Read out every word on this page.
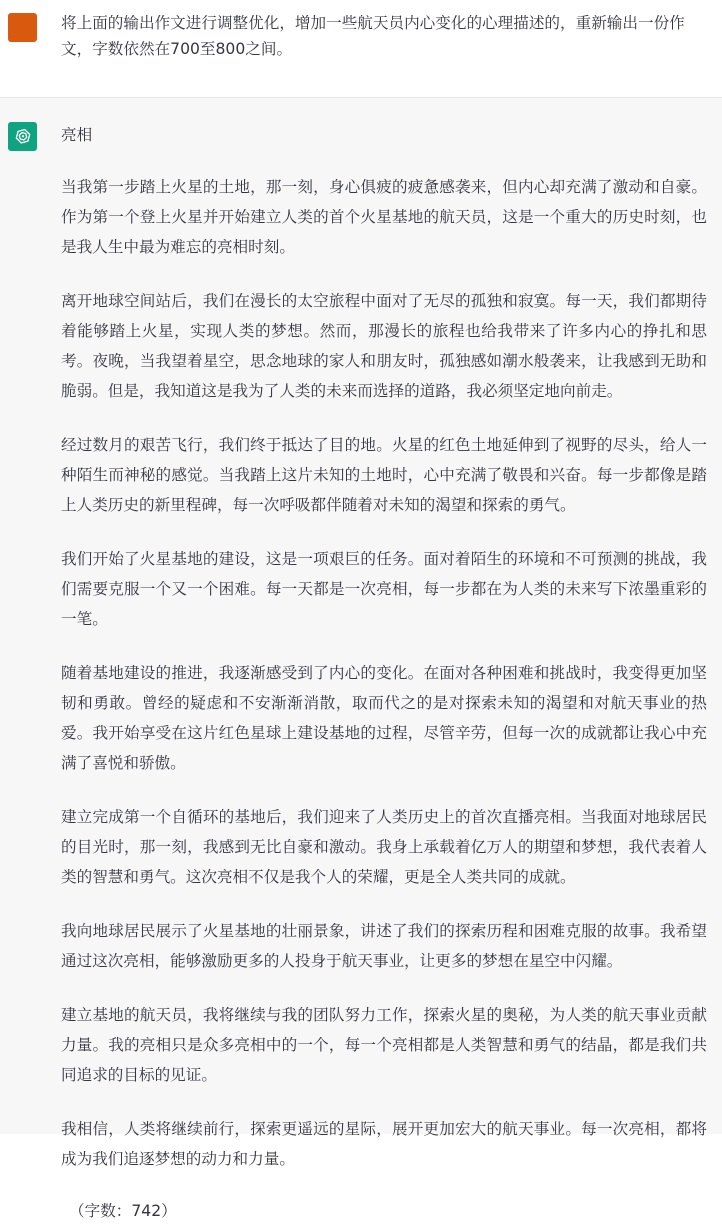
将上面的输出作文进行调整优化，增加一些航天员内心变化的心理描述的，重新输出一份作文，字数依然在700至800之间。
亮相

当我第一步踏上火星的土地，那一刻，身心俱疲的疲惫感袭来，但内心却充满了激动和自豪。作为第一个登上火星并开始建立人类的首个火星基地的航天员，这是一个重大的历史时刻，也是我人生中最为难忘的亮相时刻。

离开地球空间站后，我们在漫长的太空旅程中面对了无尽的孤独和寂寞。每一天，我们都期待着能够踏上火星，实现人类的梦想。然而，那漫长的旅程也给我带来了许多内心的挣扎和思考。夜晚，当我望着星空，思念地球的家人和朋友时，孤独感如潮水般袭来，让我感到无助和脆弱。但是，我知道这是我为了人类的未来而选择的道路，我必须坚定地向前走。

经过数月的艰苦飞行，我们终于抵达了目的地。火星的红色土地延伸到了视野的尽头，给人一种陌生而神秘的感觉。当我踏上这片未知的土地时，心中充满了敬畏和兴奋。每一步都像是踏上人类历史的新里程碑，每一次呼吸都伴随着对未知的渴望和探索的勇气。

我们开始了火星基地的建设，这是一项艰巨的任务。面对着陌生的环境和不可预测的挑战，我们需要克服一个又一个困难。每一天都是一次亮相，每一步都在为人类的未来写下浓墨重彩的一笔。

随着基地建设的推进，我逐渐感受到了内心的变化。在面对各种困难和挑战时，我变得更加坚韧和勇敢。曾经的疑虑和不安渐渐消散，取而代之的是对探索未知的渴望和对航天事业的热爱。我开始享受在这片红色星球上建设基地的过程，尽管辛劳，但每一次的成就都让我心中充满了喜悦和骄傲。

建立完成第一个自循环的基地后，我们迎来了人类历史上的首次直播亮相。当我面对地球居民的目光时，那一刻，我感到无比自豪和激动。我身上承载着亿万人的期望和梦想，我代表着人类的智慧和勇气。这次亮相不仅是我个人的荣耀，更是全人类共同的成就。

我向地球居民展示了火星基地的壮丽景象，讲述了我们的探索历程和困难克服的故事。我希望通过这次亮相，能够激励更多的人投身于航天事业，让更多的梦想在星空中闪耀。

建立基地的航天员，我将继续与我的团队努力工作，探索火星的奥秘，为人类的航天事业贡献力量。我的亮相只是众多亮相中的一个，每一个亮相都是人类智慧和勇气的结晶，都是我们共同追求的目标的见证。

我相信，人类将继续前行，探索更遥远的星际，展开更加宏大的航天事业。每一次亮相，都将成为我们追逐梦想的动力和力量。

（字数：742）
